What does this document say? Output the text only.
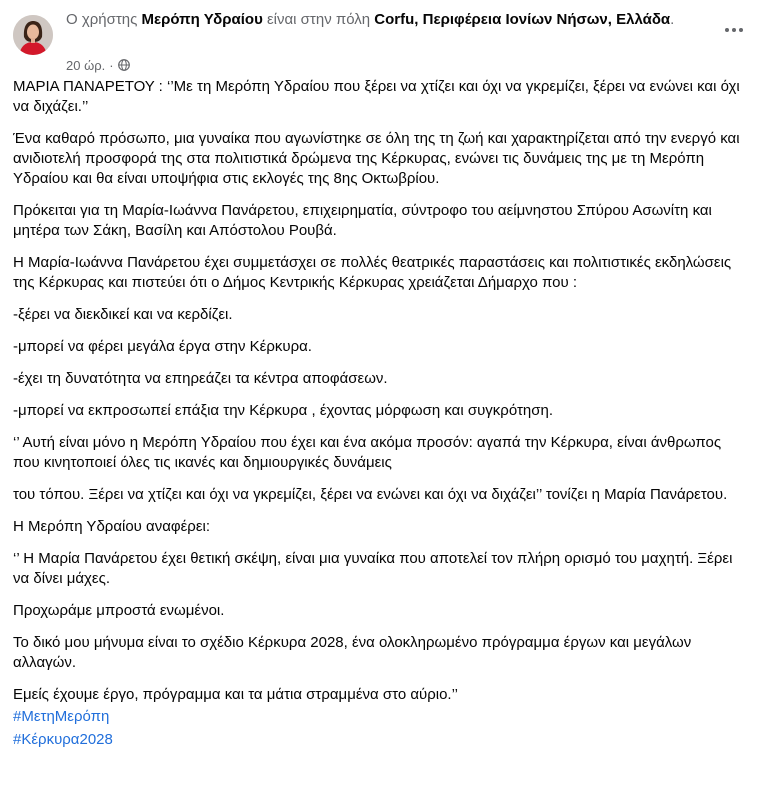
Ο χρήστης Μερόπη Υδραίου είναι στην πόλη Corfu, Περιφέρεια Ιονίων Νήσων, Ελλάδα.
20 ώρ. ·

ΜΑΡΙΑ ΠΑΝΑΡΕΤΟΥ : ‘’Με τη Μερόπη Υδραίου που ξέρει να χτίζει και όχι να γκρεμίζει, ξέρει να ενώνει και όχι να διχάζει.’’

Ένα καθαρό πρόσωπο, μια γυναίκα που αγωνίστηκε σε όλη της τη ζωή και χαρακτηρίζεται από την ενεργό και ανιδιοτελή προσφορά της στα πολιτιστικά δρώμενα της Κέρκυρας, ενώνει τις δυνάμεις της με τη Μερόπη Υδραίου και θα είναι υποψήφια στις εκλογές της 8ης Οκτωβρίου.

Πρόκειται για τη Μαρία-Ιωάννα Πανάρετου, επιχειρηματία, σύντροφο του αείμνηστου Σπύρου Ασωνίτη και μητέρα των Σάκη, Βασίλη και Απόστολου Ρουβά.

Η Μαρία-Ιωάννα Πανάρετου έχει συμμετάσχει σε πολλές θεατρικές παραστάσεις και πολιτιστικές εκδηλώσεις της Κέρκυρας και πιστεύει ότι ο Δήμος Κεντρικής Κέρκυρας χρειάζεται Δήμαρχο που :

-ξέρει να διεκδικεί και να κερδίζει.

-μπορεί να φέρει μεγάλα έργα στην Κέρκυρα.

-έχει τη δυνατότητα να επηρεάζει τα κέντρα αποφάσεων.

-μπορεί να εκπροσωπεί επάξια την Κέρκυρα , έχοντας μόρφωση και συγκρότηση.

‘’ Αυτή είναι μόνο η Μερόπη Υδραίου που έχει και ένα ακόμα προσόν: αγαπά την Κέρκυρα, είναι άνθρωπος που κινητοποιεί όλες τις ικανές και δημιουργικές δυνάμεις

του τόπου. Ξέρει να χτίζει και όχι να γκρεμίζει, ξέρει να ενώνει και όχι να διχάζει’’ τονίζει η Μαρία Πανάρετου.

Η Μερόπη Υδραίου αναφέρει:

‘’ Η Μαρία Πανάρετου έχει θετική σκέψη, είναι μια γυναίκα που αποτελεί τον πλήρη ορισμό του μαχητή. Ξέρει να δίνει μάχες.

Προχωράμε μπροστά ενωμένοι.

Το δικό μου μήνυμα είναι το σχέδιο Κέρκυρα 2028, ένα ολοκληρωμένο πρόγραμμα έργων και μεγάλων αλλαγών.

Εμείς έχουμε έργο, πρόγραμμα και τα μάτια στραμμένα στο αύριο.’’

#ΜετηΜερόπη
#Κέρκυρα2028
